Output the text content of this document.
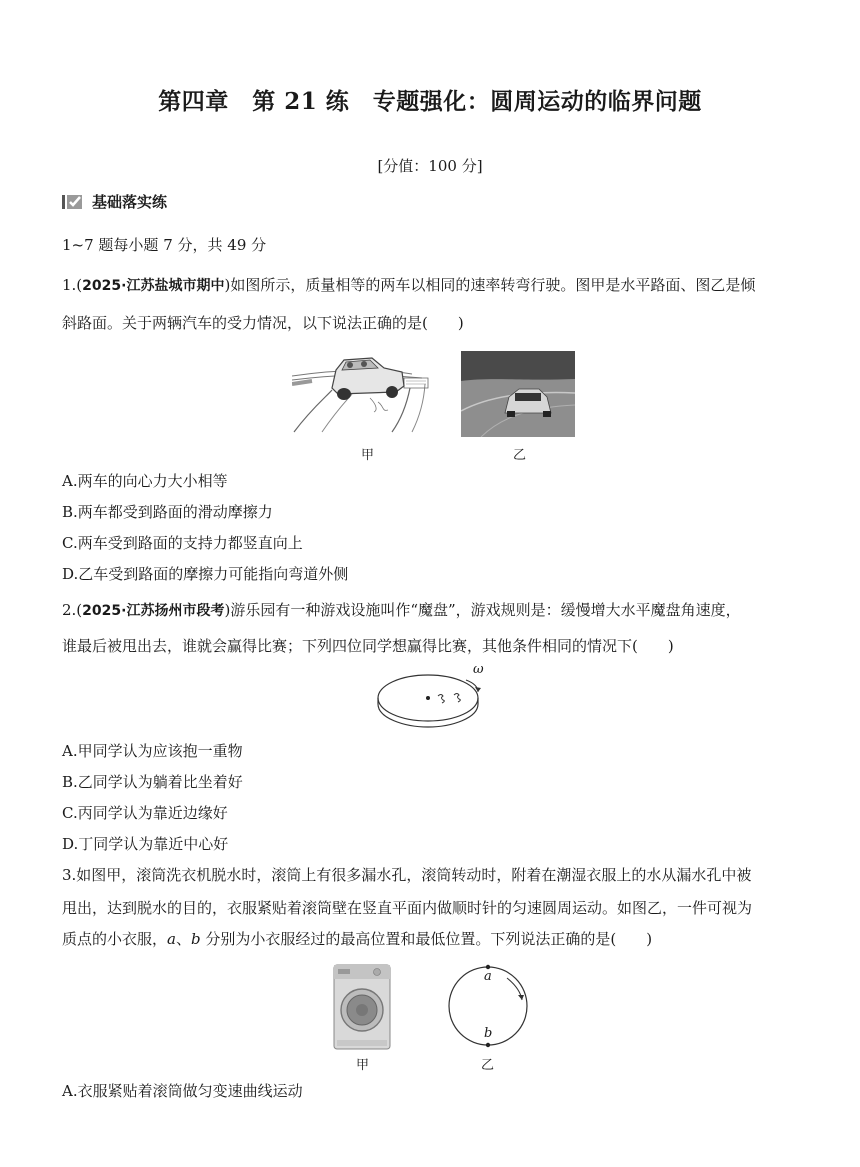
第四章　第 21 练　专题强化：圆周运动的临界问题
[分值：100 分]
基础落实练
1~7 题每小题 7 分，共 49 分
1.(2025·江苏盐城市期中)如图所示，质量相等的两车以相同的速率转弯行驶。图甲是水平路面、图乙是倾
斜路面。关于两辆汽车的受力情况，以下说法正确的是(　　)
甲	乙
A.两车的向心力大小相等
B.两车都受到路面的滑动摩擦力
C.两车受到路面的支持力都竖直向上
D.乙车受到路面的摩擦力可能指向弯道外侧
2.(2025·江苏扬州市段考)游乐园有一种游戏设施叫作“魔盘”，游戏规则是：缓慢增大水平魔盘角速度，
谁最后被甩出去，谁就会赢得比赛；下列四位同学想赢得比赛，其他条件相同的情况下(　　)
ω
A.甲同学认为应该抱一重物
B.乙同学认为躺着比坐着好
C.丙同学认为靠近边缘好
D.丁同学认为靠近中心好
3.如图甲，滚筒洗衣机脱水时，滚筒上有很多漏水孔，滚筒转动时，附着在潮湿衣服上的水从漏水孔中被
甩出，达到脱水的目的，衣服紧贴着滚筒壁在竖直平面内做顺时针的匀速圆周运动。如图乙，一件可视为
质点的小衣服，a、b 分别为小衣服经过的最高位置和最低位置。下列说法正确的是(　　)
a
b
甲	乙
A.衣服紧贴着滚筒做匀变速曲线运动
